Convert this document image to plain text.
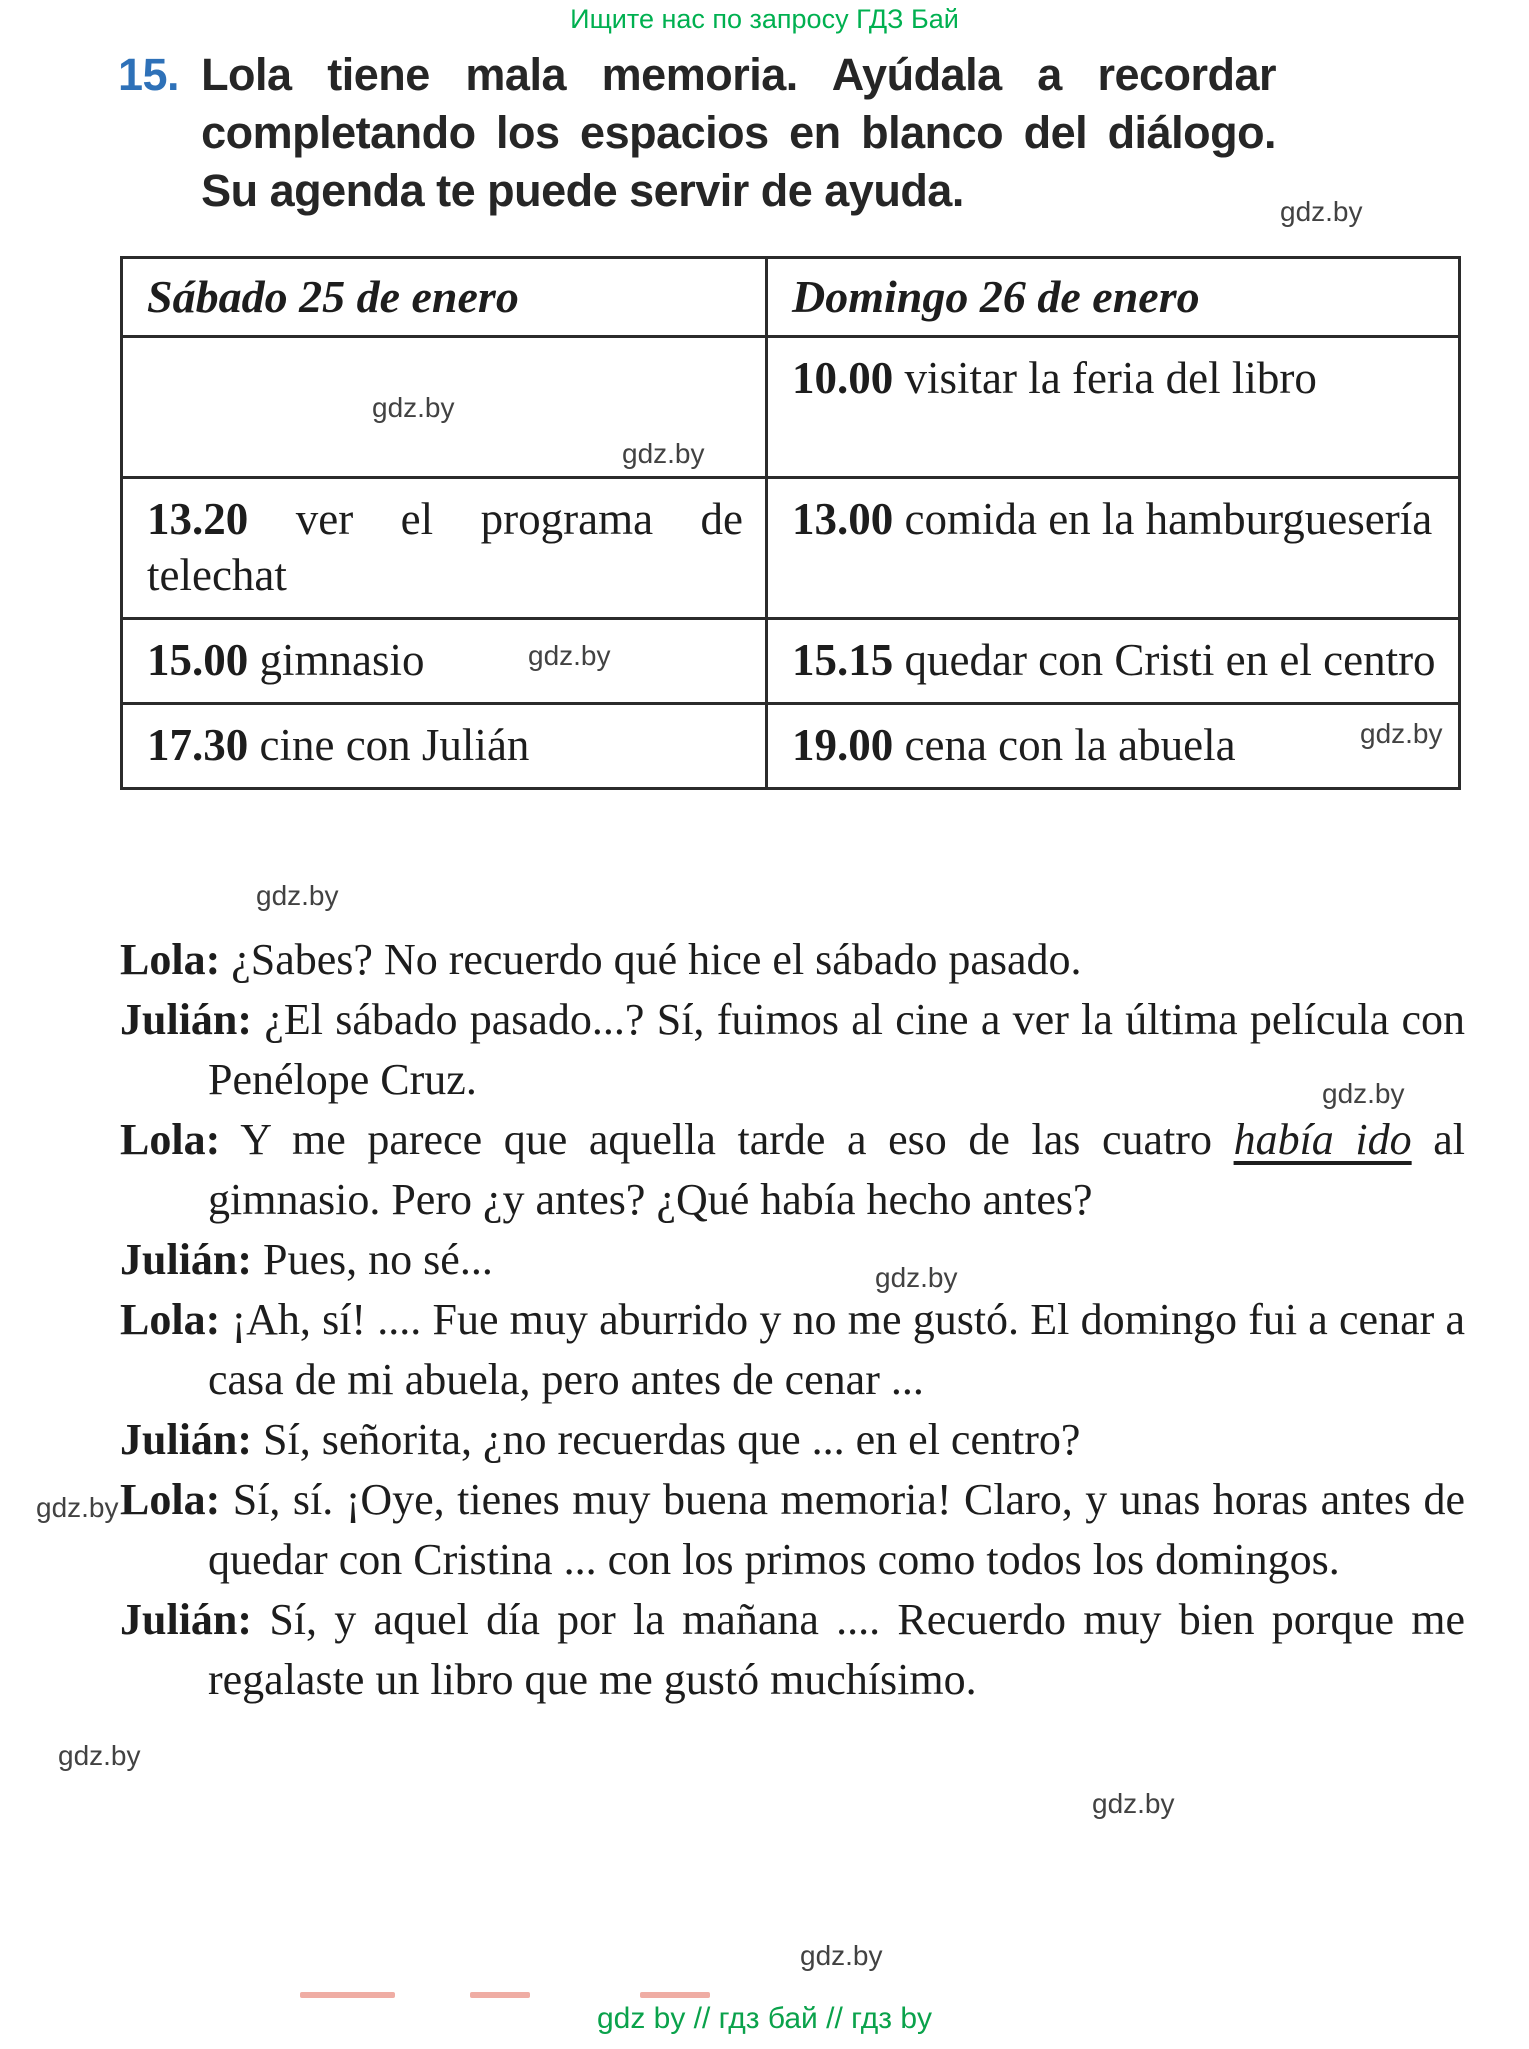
Ищите нас по запросу ГДЗ Бай
15. Lola tiene mala memoria. Ayúdala a recordar completando los espacios en blanco del diálogo. Su agenda te puede servir de ayuda.
Sábado 25 de enero	Domingo 26 de enero

	10.00 visitar la feria del libro

13.20 ver el programa de telechat	13.00 comida en la hamburguesería

15.00 gimnasio	15.15 quedar con Cristi en el centro

17.30 cine con Julián	19.00 cena con la abuela

Lola: ¿Sabes? No recuerdo qué hice el sábado pasado.

Julián: ¿El sábado pasado...? Sí, fuimos al cine a ver la última película con Penélope Cruz.

Lola: Y me parece que aquella tarde a eso de las cuatro había ido al gimnasio. Pero ¿y antes? ¿Qué había hecho antes?

Julián: Pues, no sé...

Lola: ¡Ah, sí! .... Fue muy aburrido y no me gustó. El domingo fui a cenar a casa de mi abuela, pero antes de cenar ...

Julián: Sí, señorita, ¿no recuerdas que ... en el centro?

Lola: Sí, sí. ¡Oye, tienes muy buena memoria! Claro, y unas horas antes de quedar con Cristina ... con los primos como todos los domingos.

Julián: Sí, y aquel día por la mañana .... Recuerdo muy bien porque me regalaste un libro que me gustó muchísimo.

gdz.by
gdz.by
gdz.by
gdz.by
gdz.by
gdz.by
gdz.by
gdz.by
gdz.by
gdz.by
gdz.by
gdz.by
gdz by // гдз бай // гдз by
